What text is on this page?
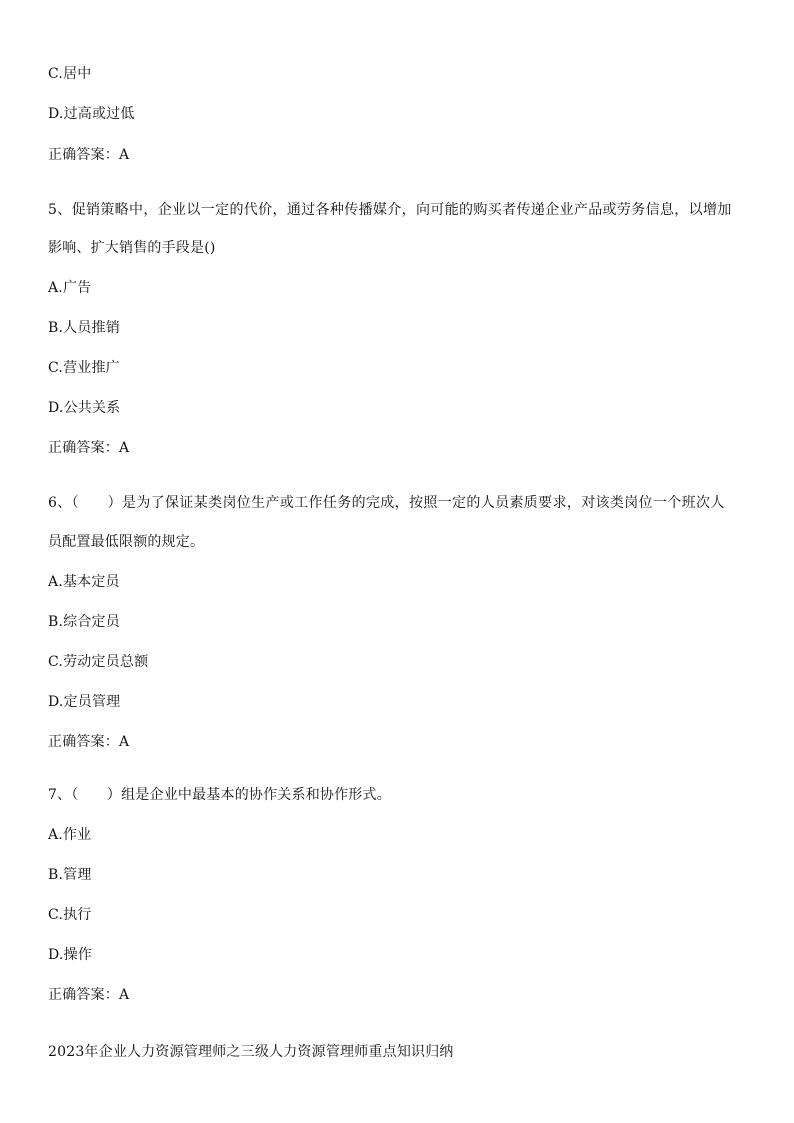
C.居中
D.过高或过低
正确答案：A
5、促销策略中，企业以一定的代价，通过各种传播媒介，向可能的购买者传递企业产品或劳务信息，以增加
影响、扩大销售的手段是()
A.广告
B.人员推销
C.营业推广
D.公共关系
正确答案：A
6、（　　）是为了保证某类岗位生产或工作任务的完成，按照一定的人员素质要求，对该类岗位一个班次人
员配置最低限额的规定。
A.基本定员
B.综合定员
C.劳动定员总额
D.定员管理
正确答案：A
7、（　　）组是企业中最基本的协作关系和协作形式。
A.作业
B.管理
C.执行
D.操作
正确答案：A
2023年企业人力资源管理师之三级人力资源管理师重点知识归纳
